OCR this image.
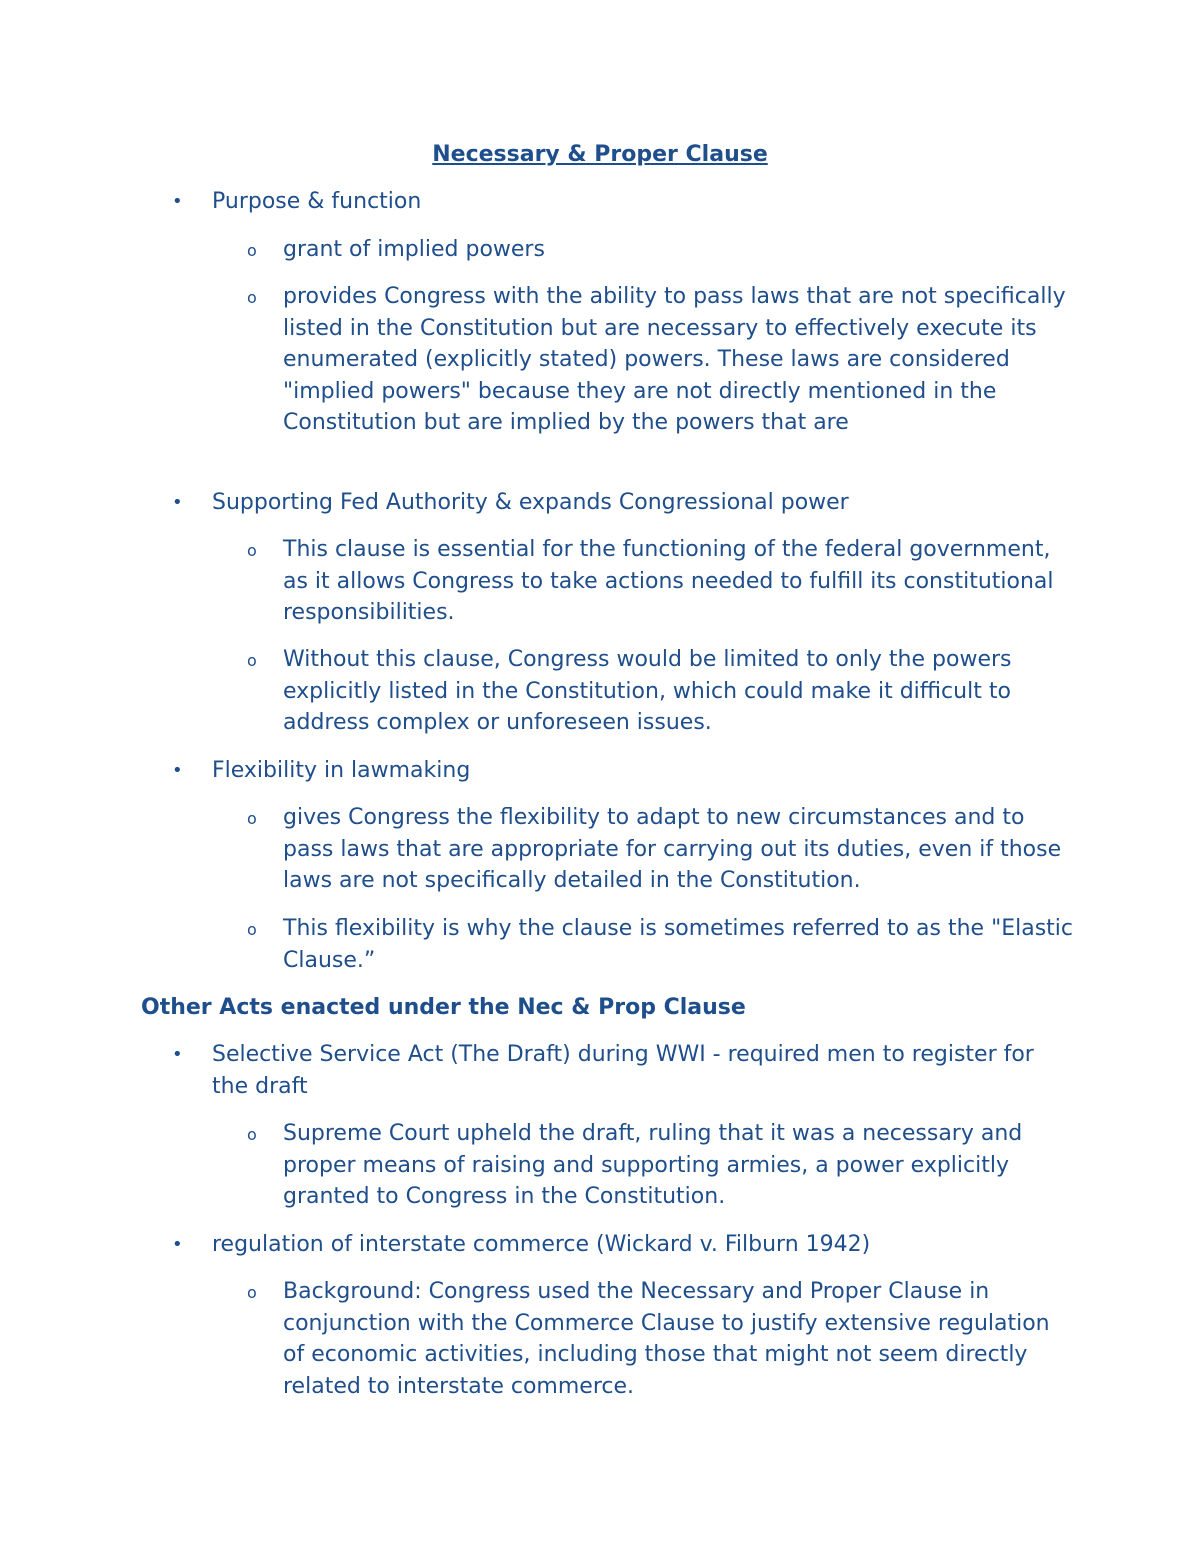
Necessary & Proper Clause
• Purpose & function
o grant of implied powers
o provides Congress with the ability to pass laws that are not specifically listed in the Constitution but are necessary to effectively execute its enumerated (explicitly stated) powers. These laws are considered "implied powers" because they are not directly mentioned in the Constitution but are implied by the powers that are
• Supporting Fed Authority & expands Congressional power
o This clause is essential for the functioning of the federal government, as it allows Congress to take actions needed to fulfill its constitutional responsibilities.
o Without this clause, Congress would be limited to only the powers explicitly listed in the Constitution, which could make it difficult to address complex or unforeseen issues.
• Flexibility in lawmaking
o gives Congress the flexibility to adapt to new circumstances and to pass laws that are appropriate for carrying out its duties, even if those laws are not specifically detailed in the Constitution.
o This flexibility is why the clause is sometimes referred to as the "Elastic Clause.”
Other Acts enacted under the Nec & Prop Clause
• Selective Service Act (The Draft) during WWI - required men to register for the draft
o Supreme Court upheld the draft, ruling that it was a necessary and proper means of raising and supporting armies, a power explicitly granted to Congress in the Constitution.
• regulation of interstate commerce (Wickard v. Filburn 1942)
o Background: Congress used the Necessary and Proper Clause in conjunction with the Commerce Clause to justify extensive regulation of economic activities, including those that might not seem directly related to interstate commerce.
